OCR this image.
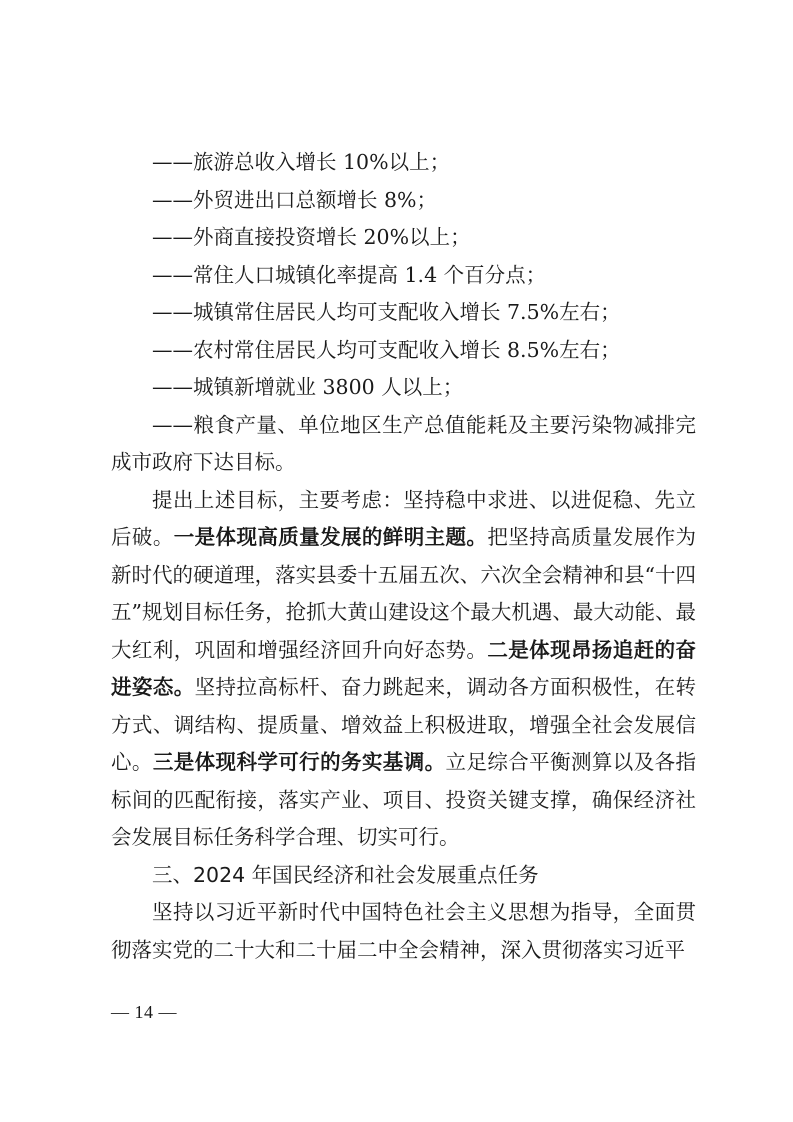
——旅游总收入增长 10%以上；

——外贸进出口总额增长 8%；

——外商直接投资增长 20%以上；

——常住人口城镇化率提高 1.4 个百分点；

——城镇常住居民人均可支配收入增长 7.5%左右；

——农村常住居民人均可支配收入增长 8.5%左右；

——城镇新增就业 3800 人以上；

——粮食产量、单位地区生产总值能耗及主要污染物减排完成市政府下达目标。

提出上述目标，主要考虑：坚持稳中求进、以进促稳、先立后破。一是体现高质量发展的鲜明主题。把坚持高质量发展作为新时代的硬道理，落实县委十五届五次、六次全会精神和县“十四五”规划目标任务，抢抓大黄山建设这个最大机遇、最大动能、最大红利，巩固和增强经济回升向好态势。二是体现昂扬追赶的奋进姿态。坚持拉高标杆、奋力跳起来，调动各方面积极性，在转方式、调结构、提质量、增效益上积极进取，增强全社会发展信心。三是体现科学可行的务实基调。立足综合平衡测算以及各指标间的匹配衔接，落实产业、项目、投资关键支撑，确保经济社会发展目标任务科学合理、切实可行。

三、2024 年国民经济和社会发展重点任务

坚持以习近平新时代中国特色社会主义思想为指导，全面贯彻落实党的二十大和二十届二中全会精神，深入贯彻落实习近平

— 14 —
